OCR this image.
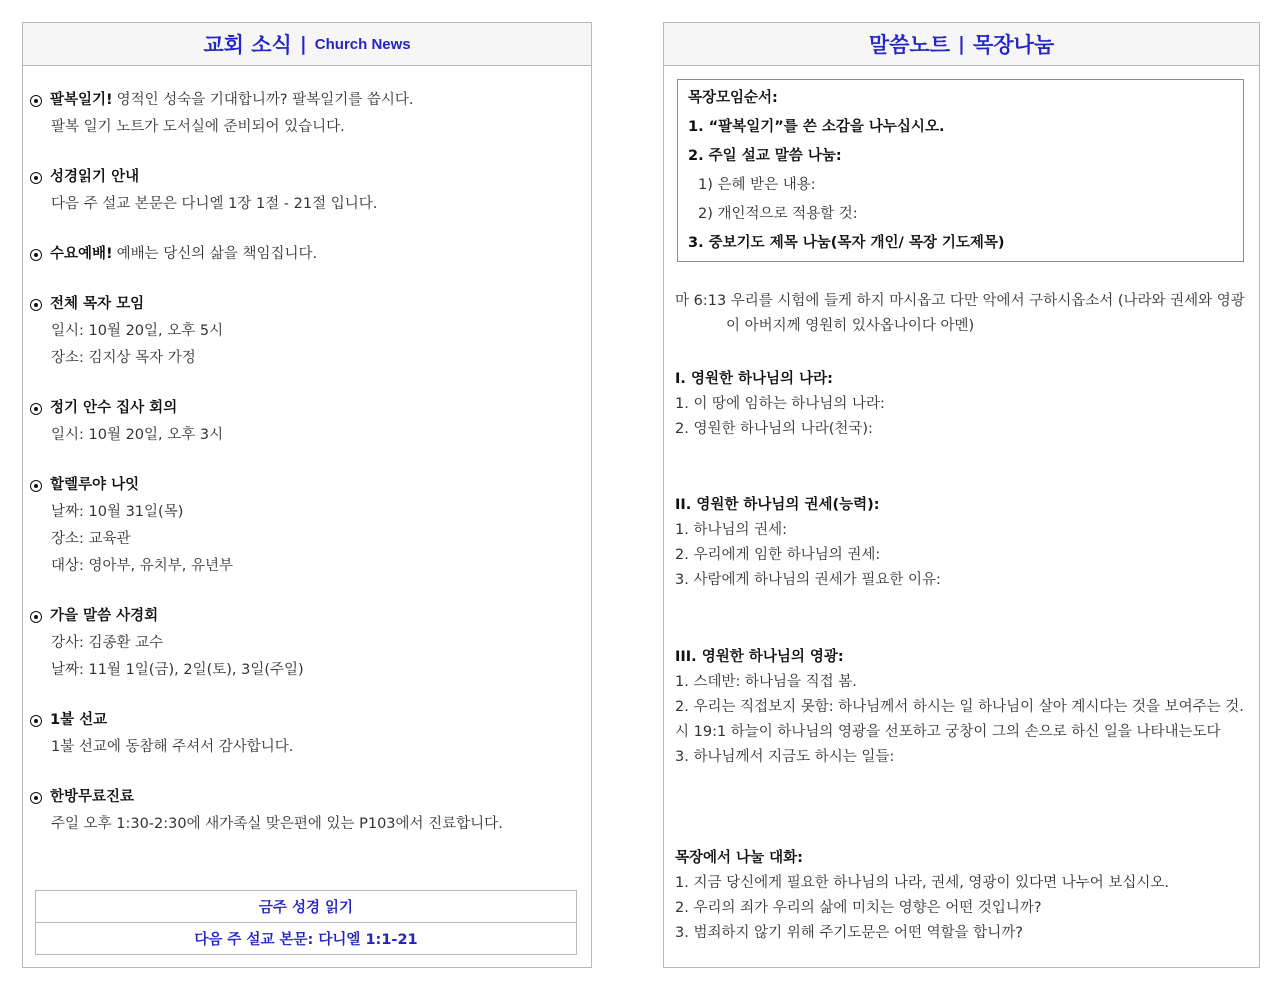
교회 소식 | Church News
팔복일기! 영적인 성숙을 기대합니까? 팔복일기를 씁시다.
팔복 일기 노트가 도서실에 준비되어 있습니다.
성경읽기 안내
다음 주 설교 본문은 다니엘 1장 1절 - 21절 입니다.
수요예배! 예배는 당신의 삶을 책임집니다.
전체 목자 모임
일시: 10월 20일, 오후 5시
장소: 김지상 목자 가정
정기 안수 집사 회의
일시: 10월 20일, 오후 3시
할렐루야 나잇
날짜: 10월 31일(목)
장소: 교육관
대상: 영아부, 유치부, 유년부
가을 말씀 사경회
강사: 김종환 교수
날짜: 11월 1일(금), 2일(토), 3일(주일)
1불 선교
1불 선교에 동참해 주셔서 감사합니다.
한방무료진료
주일 오후 1:30-2:30에 새가족실 맞은편에 있는 P103에서 진료합니다.
금주 성경 읽기
다음 주 설교 본문: 다니엘 1:1-21
말씀노트 | 목장나눔
목장모임순서:
1. “팔복일기”를 쓴 소감을 나누십시오.
2. 주일 설교 말씀 나눔:
1) 은혜 받은 내용:
2) 개인적으로 적용할 것:
3. 중보기도 제목 나눔(목자 개인/ 목장 기도제목)
마 6:13 우리를 시험에 들게 하지 마시옵고 다만 악에서 구하시옵소서 (나라와 권세와 영광
이 아버지께 영원히 있사옵나이다 아멘)
I. 영원한 하나님의 나라:
1. 이 땅에 임하는 하나님의 나라:
2. 영원한 하나님의 나라(천국):
II. 영원한 하나님의 권세(능력):
1. 하나님의 권세:
2. 우리에게 임한 하나님의 권세:
3. 사람에게 하나님의 권세가 필요한 이유:
III. 영원한 하나님의 영광:
1. 스데반: 하나님을 직접 봄.
2. 우리는 직접보지 못함: 하나님께서 하시는 일 하나님이 살아 계시다는 것을 보여주는 것.
시 19:1 하늘이 하나님의 영광을 선포하고 궁창이 그의 손으로 하신 일을 나타내는도다
3. 하나님께서 지금도 하시는 일들:
목장에서 나눌 대화:
1. 지금 당신에게 필요한 하나님의 나라, 권세, 영광이 있다면 나누어 보십시오.
2. 우리의 죄가 우리의 삶에 미치는 영향은 어떤 것입니까?
3. 범죄하지 않기 위해 주기도문은 어떤 역할을 합니까?
